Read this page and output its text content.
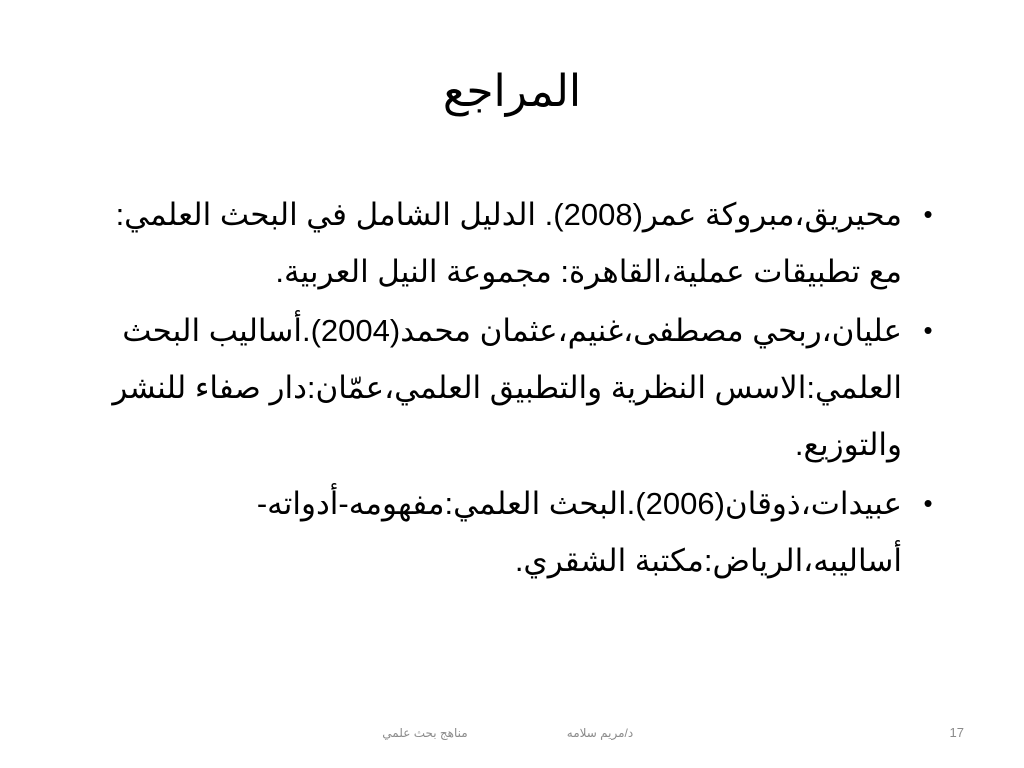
المراجع
•
محيريق،مبروكة عمر(2008). الدليل الشامل في البحث العلمي: مع تطبيقات عملية،القاهرة: مجموعة النيل العربية.
•
عليان،ربحي مصطفى،غنيم،عثمان محمد(2004).أساليب البحث العلمي:الاسس النظرية والتطبيق العلمي،عمّان:دار صفاء للنشر والتوزيع.
•
عبيدات،ذوقان(2006).البحث العلمي:مفهومه-أدواته-أساليبه،الرياض:مكتبة الشقري.
مناهج بحث علمي	د/مريم سلامه	17
